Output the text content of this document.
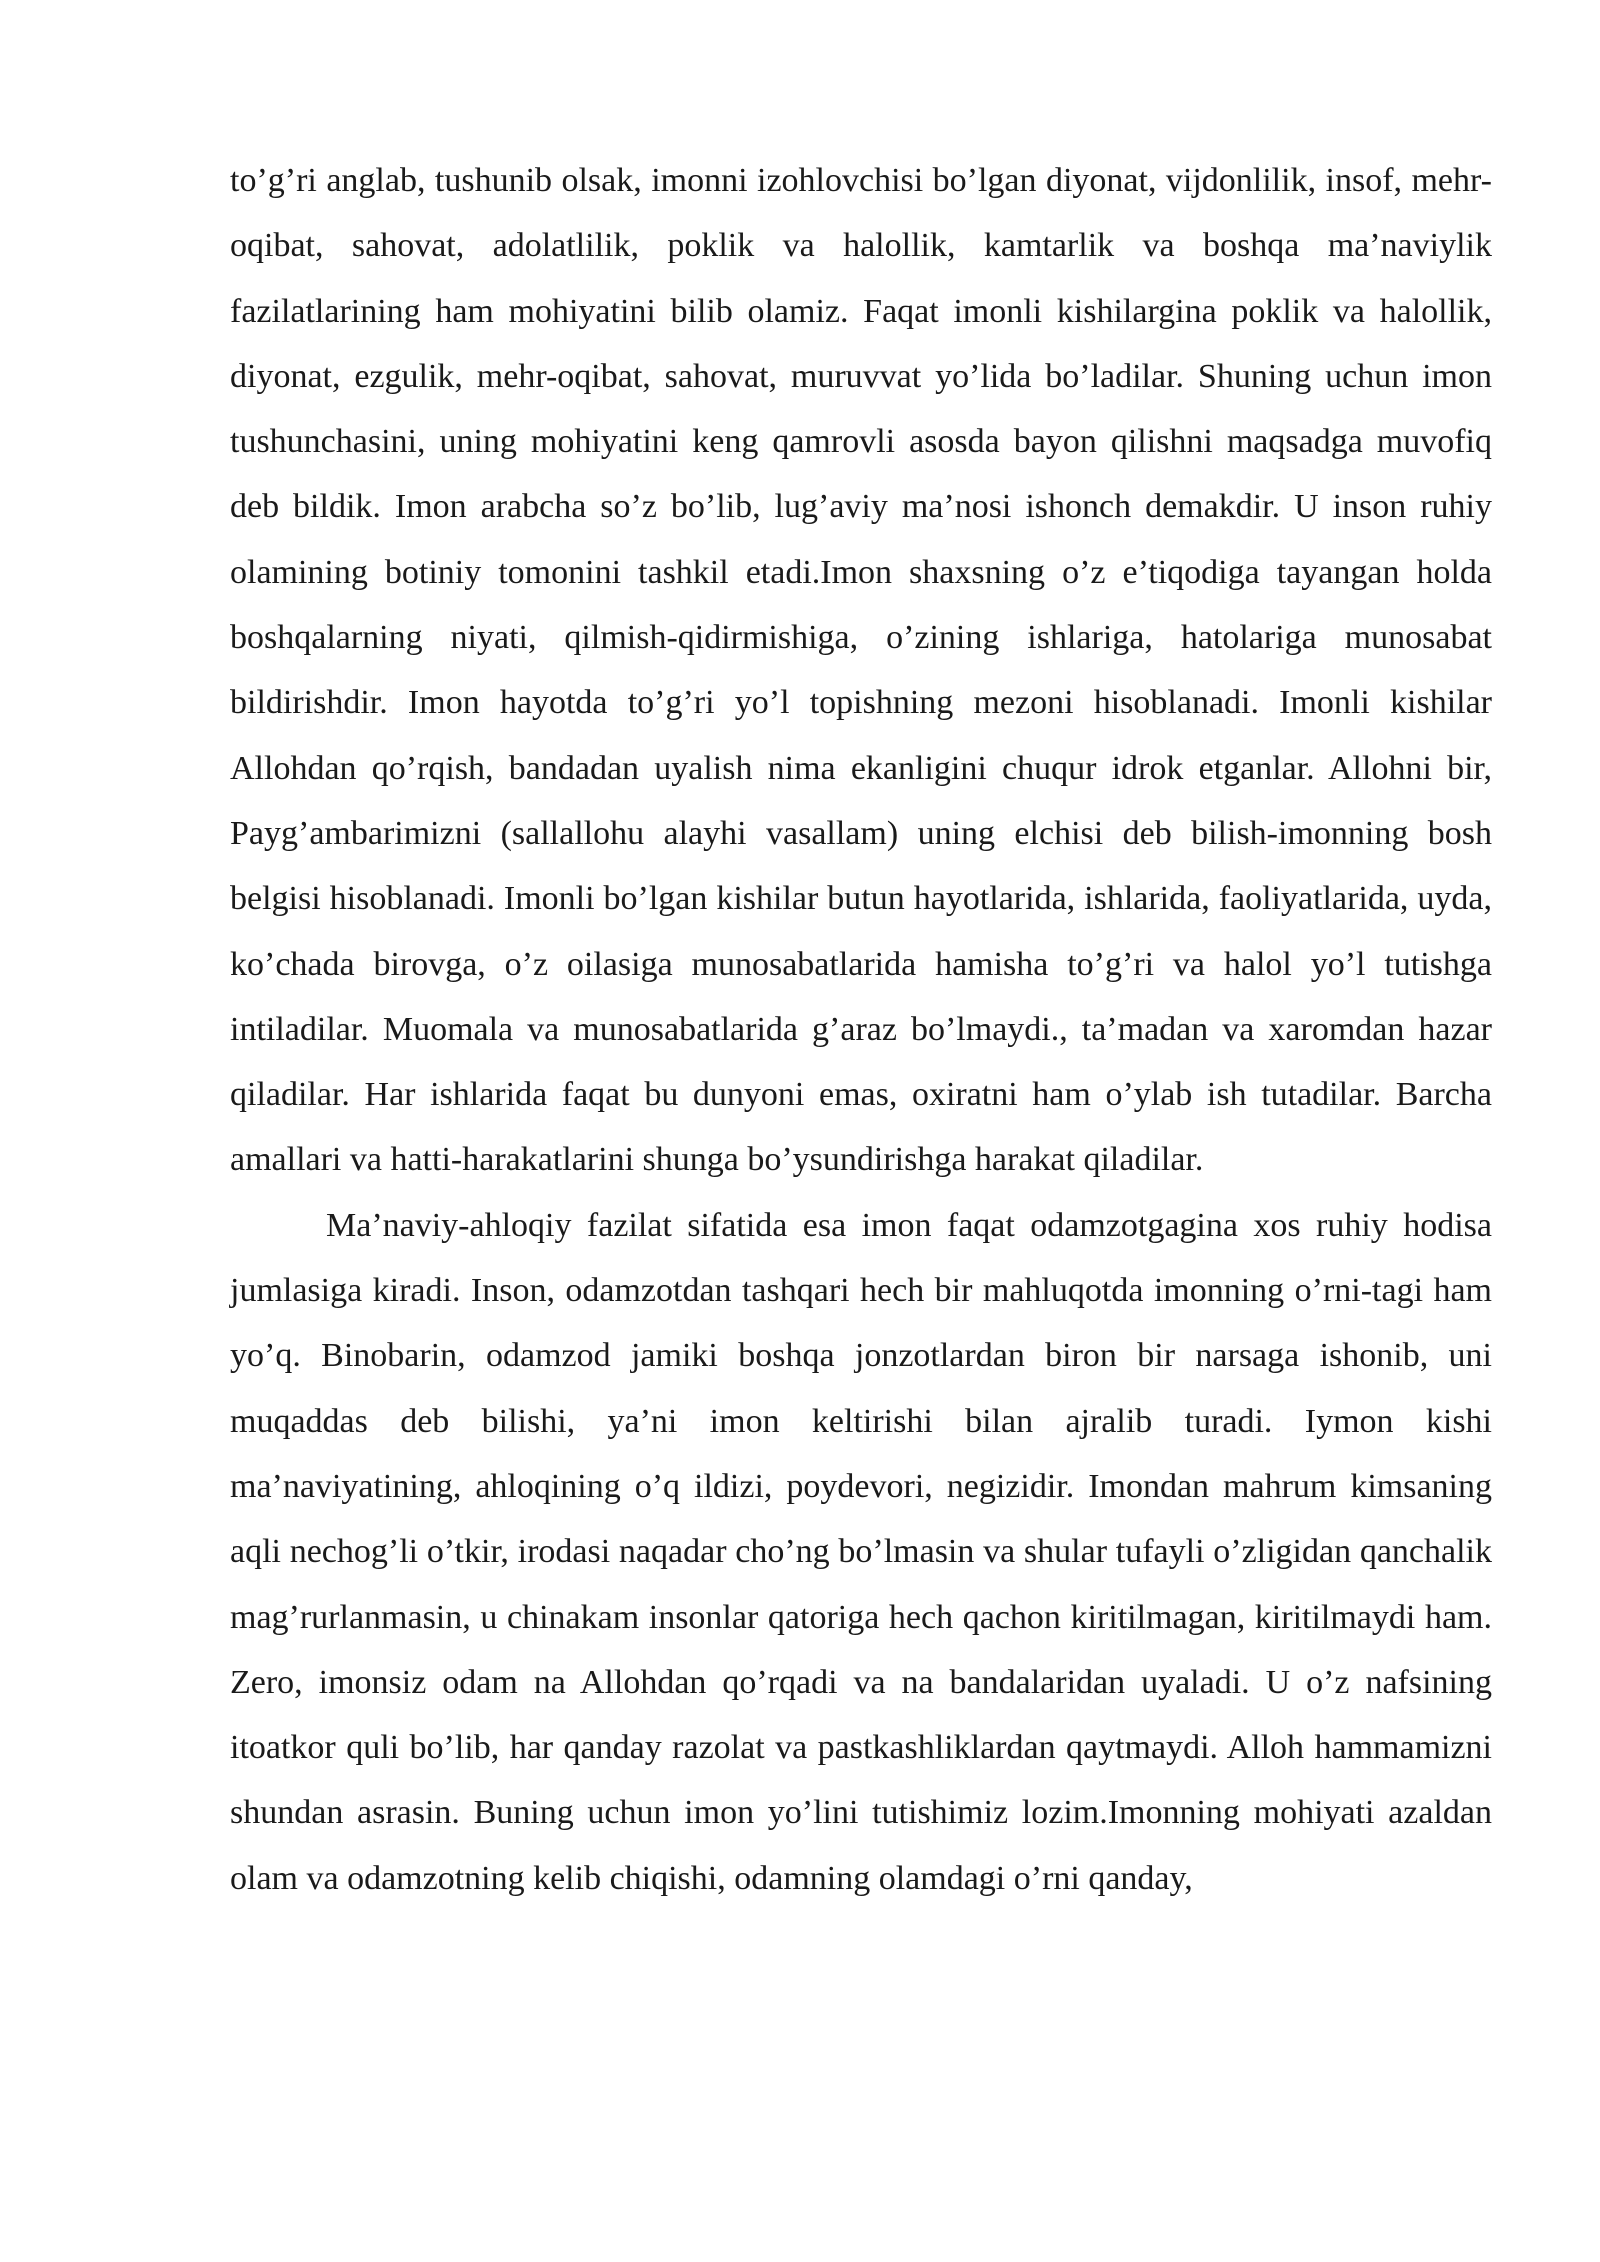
to’g’ri anglab, tushunib olsak, imonni izohlovchisi bo’lgan diyonat, vijdonlilik, insof, mehr-oqibat, sahovat, adolatlilik, poklik va halollik, kamtarlik va boshqa ma’naviylik fazilatlarining ham mohiyatini bilib olamiz. Faqat imonli kishilargina poklik va halollik, diyonat, ezgulik, mehr-oqibat, sahovat, muruvvat yo’lida bo’ladilar. Shuning uchun imon tushunchasini, uning mohiyatini keng qamrovli asosda bayon qilishni maqsadga muvofiq deb bildik. Imon arabcha so’z bo’lib, lug’aviy ma’nosi ishonch demakdir. U inson ruhiy olamining botiniy tomonini tashkil etadi.Imon shaxsning o’z e’tiqodiga tayangan holda boshqalarning niyati, qilmish-qidirmishiga, o’zining ishlariga, hatolariga munosabat bildirishdir. Imon hayotda to’g’ri yo’l topishning mezoni hisoblanadi. Imonli kishilar Allohdan qo’rqish, bandadan uyalish nima ekanligini chuqur idrok etganlar. Allohni bir, Payg’ambarimizni (sallallohu alayhi vasallam) uning elchisi deb bilish-imonning bosh belgisi hisoblanadi. Imonli bo’lgan kishilar butun hayotlarida, ishlarida, faoliyatlarida, uyda, ko’chada birovga, o’z oilasiga munosabatlarida hamisha to’g’ri va halol yo’l tutishga intiladilar. Muomala va munosabatlarida g’araz bo’lmaydi., ta’madan va xaromdan hazar qiladilar. Har ishlarida faqat bu dunyoni emas, oxiratni ham o’ylab ish tutadilar. Barcha amallari va hatti-harakatlarini shunga bo’ysundirishga harakat qiladilar.

Ma’naviy-ahloqiy fazilat sifatida esa imon faqat odamzotgagina xos ruhiy hodisa jumlasiga kiradi. Inson, odamzotdan tashqari hech bir mahluqotda imonning o’rni-tagi ham yo’q. Binobarin, odamzod jamiki boshqa jonzotlardan biron bir narsaga ishonib, uni muqaddas deb bilishi, ya’ni imon keltirishi bilan ajralib turadi. Iymon kishi ma’naviyatining, ahloqining o’q ildizi, poydevori, negizidir. Imondan mahrum kimsaning aqli nechog’li o’tkir, irodasi naqadar cho’ng bo’lmasin va shular tufayli o’zligidan qanchalik mag’rurlanmasin, u chinakam insonlar qatoriga hech qachon kiritilmagan, kiritilmaydi ham. Zero, imonsiz odam na Allohdan qo’rqadi va na bandalaridan uyaladi. U o’z nafsining itoatkor quli bo’lib, har qanday razolat va pastkashliklardan qaytmaydi. Alloh hammamizni shundan asrasin. Buning uchun imon yo’lini tutishimiz lozim.Imonning mohiyati azaldan olam va odamzotning kelib chiqishi, odamning olamdagi o’rni qanday,
